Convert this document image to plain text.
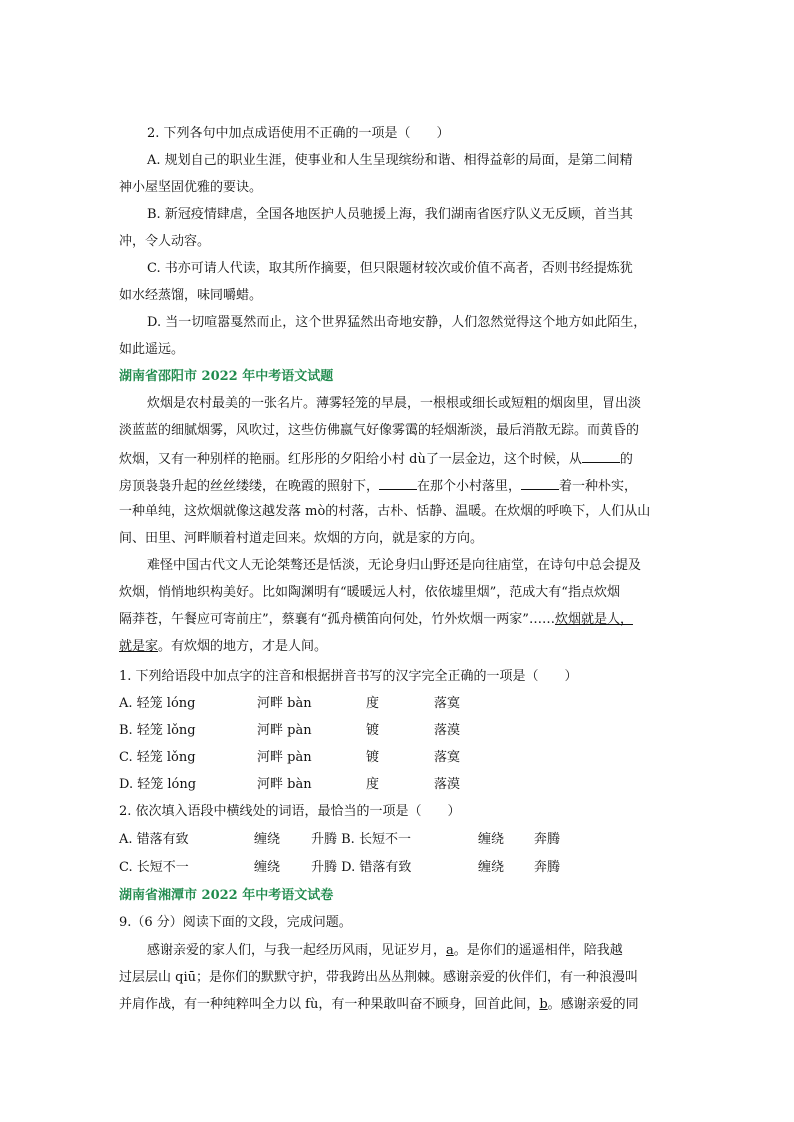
2. 下列各句中加点成语使用不正确的一项是（　　）
A. 规划自己的职业生涯，使事业和人生呈现缤纷和谐、相得益彰的局面，是第二间精
神小屋坚固优雅的要诀。
B. 新冠疫情肆虐，全国各地医护人员驰援上海，我们湖南省医疗队义无反顾，首当其
冲，令人动容。
C. 书亦可请人代读，取其所作摘要，但只限题材较次或价值不高者，否则书经提炼犹
如水经蒸馏，味同嚼蜡。
D. 当一切喧嚣戛然而止，这个世界猛然出奇地安静，人们忽然觉得这个地方如此陌生，
如此遥远。
湖南省邵阳市 2022 年中考语文试题
炊烟是农村最美的一张名片。薄雾轻笼的早晨，一根根或细长或短粗的烟囱里，冒出淡
淡蓝蓝的细腻烟雾，风吹过，这些仿佛嬴气好像雾霭的轻烟渐淡，最后消散无踪。而黄昏的
炊烟，又有一种别样的艳丽。红彤彤的夕阳给小村 dù了一层金边，这个时候，从	的
房顶袅袅升起的丝丝缕缕，在晚霞的照射下，	在那个小村落里，	着一种朴实，
一种单纯，这炊烟就像这越发落 mò的村落，古朴、恬静、温暖。在炊烟的呼唤下，人们从山
间、田里、河畔顺着村道走回来。炊烟的方向，就是家的方向。
难怪中国古代文人无论桀骜还是恬淡，无论身归山野还是向往庙堂，在诗句中总会提及
炊烟，悄悄地织构美好。比如陶渊明有“暖暖远人村，依依墟里烟”，范成大有“指点炊烟
隔莽苍，午餐应可寄前庄”，蔡襄有“孤舟横笛向何处，竹外炊烟一两家”……炊烟就是人，
就是家。有炊烟的地方，才是人间。
1. 下列给语段中加点字的注音和根据拼音书写的汉字完全正确的一项是（　　）
A. 轻笼 lóng	河畔 bàn	度	落寞
B. 轻笼 lǒng	河畔 pàn	镀	落漠
C. 轻笼 lǒng	河畔 pàn	镀	落寞
D. 轻笼 lóng	河畔 bàn	度	落漠
2. 依次填入语段中横线处的词语，最恰当的一项是（　　）
A. 错落有致	缠绕 升腾 B. 长短不一	缠绕 奔腾
C. 长短不一	缠绕 升腾 D. 错落有致	缠绕 奔腾
湖南省湘潭市 2022 年中考语文试卷
9.（6 分）阅读下面的文段，完成问题。
感谢亲爱的家人们，与我一起经历风雨，见证岁月，a。是你们的遥遥相伴，陪我越
过层层山 qiū；是你们的默默守护，带我跨出丛丛荆棘。感谢亲爱的伙伴们，有一种浪漫叫
并肩作战，有一种纯粹叫全力以 fù，有一种果敢叫奋不顾身，回首此间，b。感谢亲爱的同
